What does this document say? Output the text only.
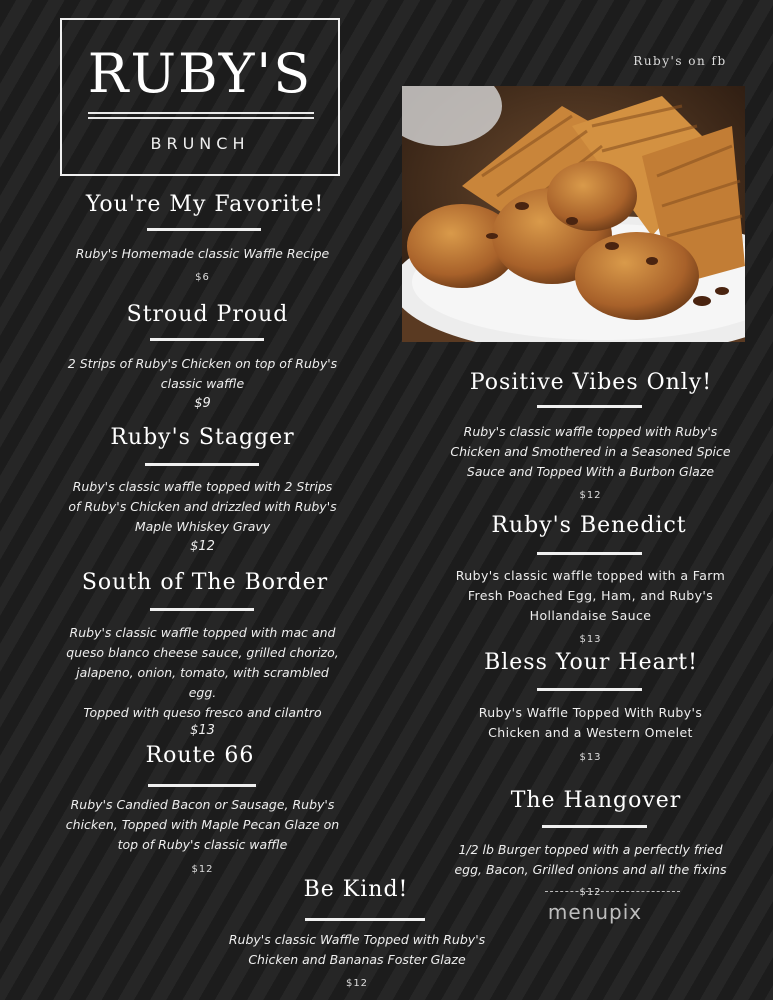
RUBY'S
BRUNCH
Ruby's on fb
You're My Favorite!
Ruby's Homemade classic Waffle Recipe
$6
Stroud Proud
2 Strips of Ruby's Chicken on top of Ruby's
classic waffle
$9
Ruby's Stagger
Ruby's classic waffle topped with 2 Strips
of Ruby's Chicken and drizzled with Ruby's
Maple Whiskey Gravy
$12
South of The Border
Ruby's classic waffle topped with mac and
queso blanco cheese sauce, grilled chorizo,
jalapeno, onion, tomato, with scrambled
egg.
Topped with queso fresco and cilantro
$13
Route 66
Ruby's Candied Bacon or Sausage, Ruby's
chicken, Topped with Maple Pecan Glaze on
top of Ruby's classic waffle
$12
Positive Vibes Only!
Ruby's classic waffle topped with Ruby's
Chicken and Smothered in a Seasoned Spice
Sauce and Topped With a Burbon Glaze
$12
Ruby's Benedict
Ruby's classic waffle topped with a Farm
Fresh Poached Egg, Ham, and Ruby's
Hollandaise Sauce
$13
Bless Your Heart!
Ruby's Waffle Topped With Ruby's
Chicken and a Western Omelet
$13
The Hangover
1/2 lb Burger topped with a perfectly fried
egg, Bacon, Grilled onions and all the fixins
$12
Be Kind!
Ruby's classic Waffle Topped with Ruby's
Chicken and Bananas Foster Glaze
$12
menupix
